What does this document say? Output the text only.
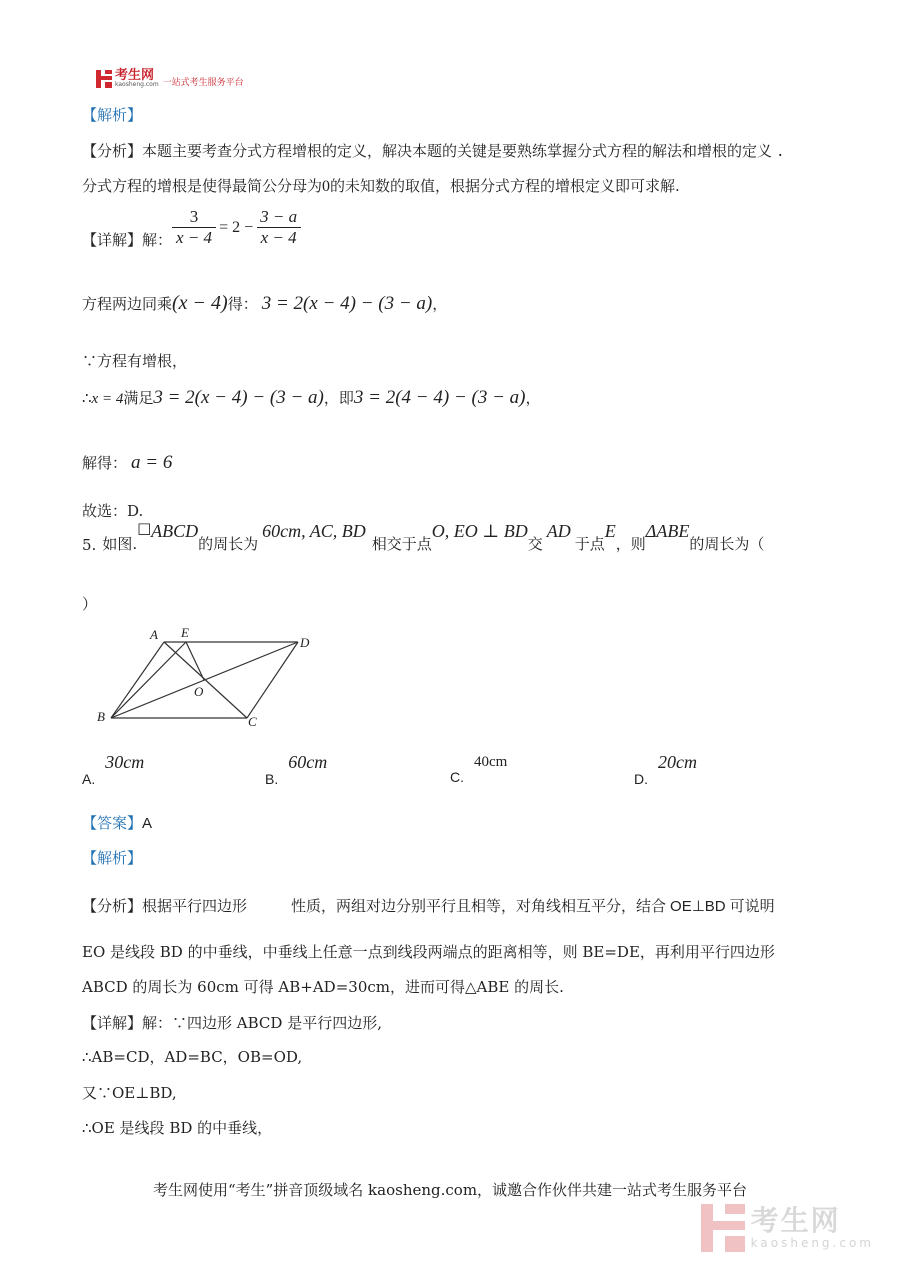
考生网
kaosheng.com 一站式考生服务平台
【解析】
【分析】本题主要考查分式方程增根的定义，解决本题的关键是要熟练掌握分式方程的解法和增根的定义 .
分式方程的增根是使得最简公分母为0的未知数的取值，根据分式方程的增根定义即可求解.
【详解】 解： $\frac{3}{x - 4} = 2 - \frac{3 - a}{x - 4}$
方程两边同乘(x − 4)得： 3 = 2(x − 4) − (3 − a)，
∵方程有增根，
∴x = 4满足3 = 2(x − 4) − (3 − a)，即3 = 2(4 − 4) − (3 − a)，
解得： a = 6
故选：D.
5. 如图.□ABCD的周长为60cm, AC, BD相交于点O, EO ⊥ BD交AD于点E，则ΔABE的周长为（
）
A E
D
O
B	C
A.30cm
B.60cm
C.40cm
D.20cm
【答案】A
【解析】
【分析】根据平行四边形	性质，两组对边分别平行且相等，对角线相互平分，结合 OE⊥BD 可说明
EO 是线段 BD 的中垂线，中垂线上任意一点到线段两端点的距离相等，则 BE=DE，再利用平行四边形
ABCD 的周长为 60cm 可得 AB+AD=30cm，进而可得△ABE 的周长.
【详解】解：∵四边形 ABCD 是平行四边形,
∴AB=CD，AD=BC，OB=OD,
又∵OE⊥BD,
∴OE 是线段 BD 的中垂线，
考生网使用“考生”拼音顶级域名 kaosheng.com，诚邀合作伙伴共建一站式考生服务平台
考生网
kaosheng.com
